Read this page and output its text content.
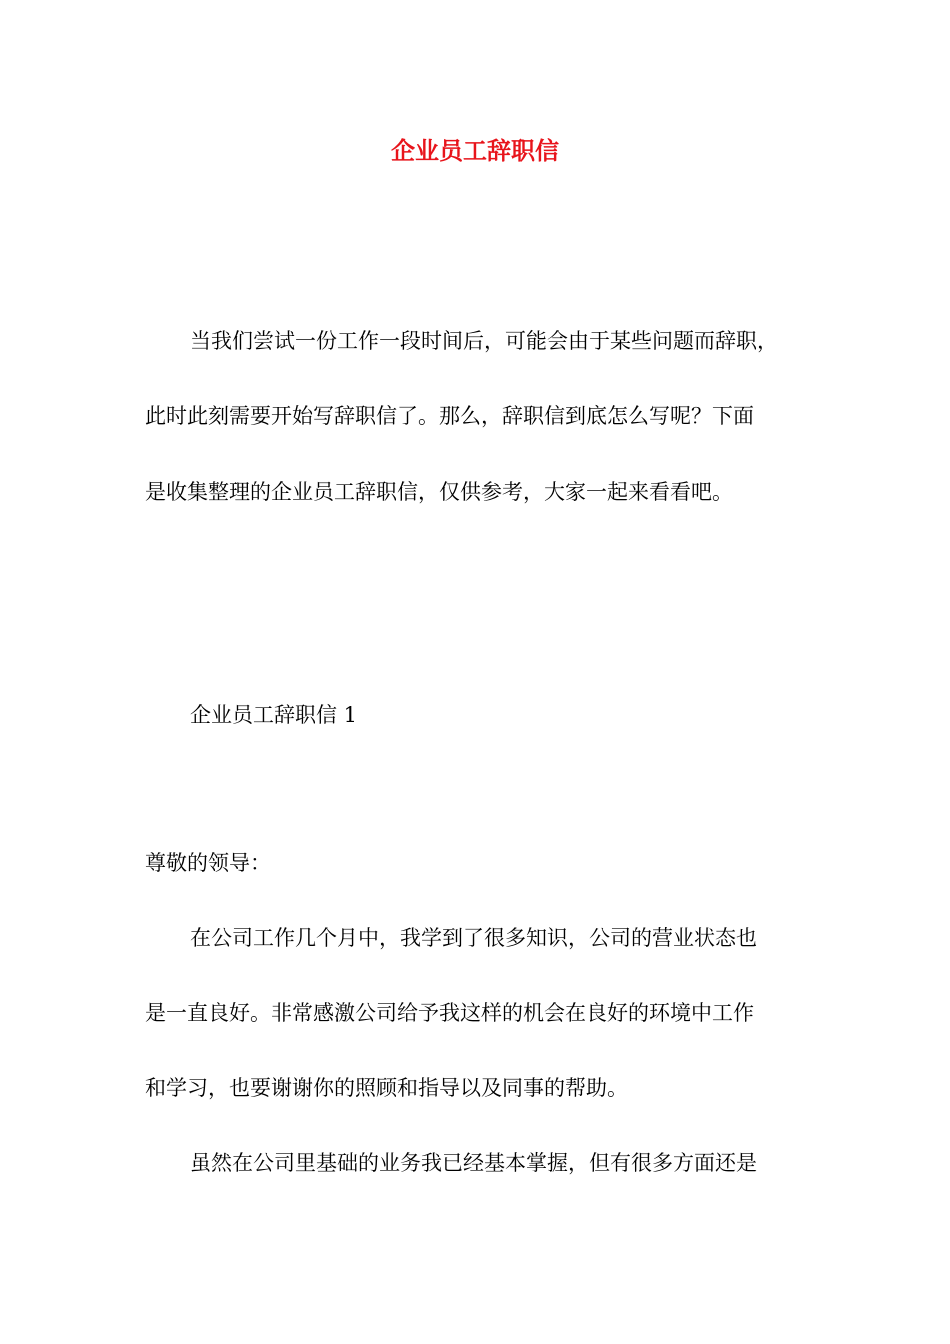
企业员工辞职信
当我们尝试一份工作一段时间后，可能会由于某些问题而辞职，
此时此刻需要开始写辞职信了。那么，辞职信到底怎么写呢？下面
是收集整理的企业员工辞职信，仅供参考，大家一起来看看吧。
企业员工辞职信 1
尊敬的领导：
在公司工作几个月中，我学到了很多知识，公司的营业状态也
是一直良好。非常感激公司给予我这样的机会在良好的环境中工作
和学习，也要谢谢你的照顾和指导以及同事的帮助。
虽然在公司里基础的业务我已经基本掌握，但有很多方面还是
